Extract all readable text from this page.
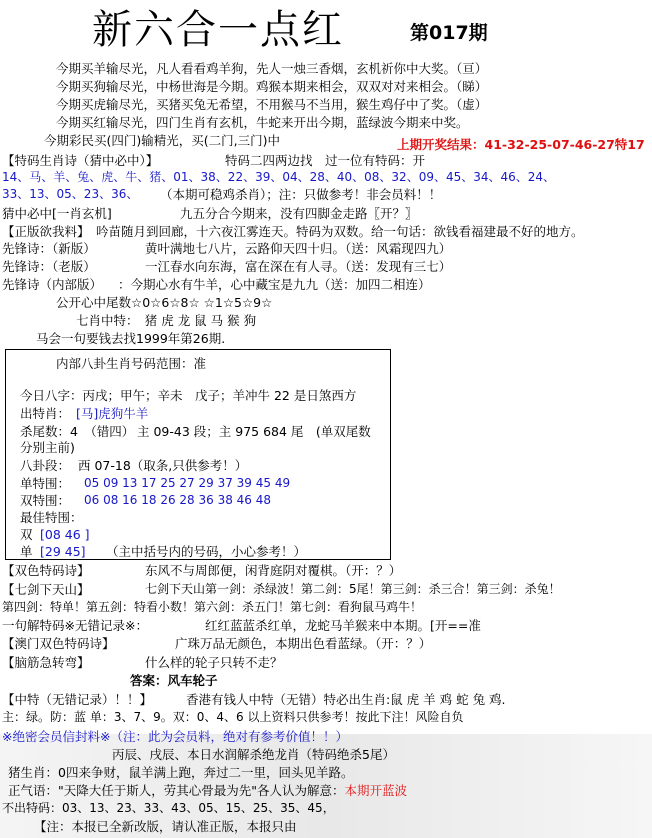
新六合一点红	第017期
今期买羊输尽光，凡人看看鸡羊狗，先人一烛三香烟，玄机祈你中大奖。（亘）
今期买狗输尽光，中杨世海是今期。鸡猴本期来相会，双双对对来相会。（睇）
今期买虎输尽光，买猪买兔无希望，不用猴马不当用，猴生鸡仔中了奖。（虚）
今期买红输尽光，四门生肖有玄机，牛蛇来开出今期，蓝绿波今期来中奖。
今期彩民买(四门)输精光，买(二门,三门)中	上期开奖结果：41-32-25-07-46-27特17
【特码生肖诗（猜中必中）】	特码二四两边找　过一位有特码：开
14、马、羊、兔、虎、牛、猪、01、38、22、39、04、28、40、08、32、09、45、34、46、24、
33、13、05、23、36、 （本期可稳鸡杀肖）；注：只做参考！非会员料！！
猜中必中[一肖玄机]	九五分合今期来，没有四脚金走路〖开？〗
【正版欲我料】 吟苗随月到回廊，十六夜江雾连天。特码为双数。给一句话：欲钱看福建最不好的地方。
先锋诗：（新版）	黄叶满地七八片，云路仰天四十归。（送：风霜现四九）
先锋诗：（老版）	一江春水向东海，富在深在有人寻。（送：发现有三七）
先锋诗（内部版） ：今期心水有牛羊，心中藏宝是九九（送：加四二相连）
公开心中尾数☆0☆6☆8☆ ☆1☆5☆9☆
七肖中特：　猪 虎 龙 鼠 马 猴 狗
马会一句要钱去找1999年第26期.
内部八卦生肖号码范围：准
今日八字：丙戌；甲午；辛未　戊子；羊冲牛 22 是日煞西方
出特肖： [马]虎狗牛羊
杀尾数：4　（错四） 主 09-43 段；主 975 684 尾　(单双尾数
分别主前)
八卦段： 西 07-18（取条,只供参考！）
单特围： 05 09 13 17 25 27 29 37 39 45 49
双特围： 06 08 16 18 26 28 36 38 46 48
最佳特围：
双 [08 46 ]
单 [29 45] （主中括号内的号码，小心参考！）
【双色特码诗】	东风不与周郎便，闲背庭阴对覆棋。（开：？）
【七剑下天山】	七剑下天山第一剑：杀绿波！第二剑：5尾！第三剑：杀三合！第三剑：杀兔！
第四剑：特单！第五剑：特看小数！第六剑：杀五门！第七剑：看狗鼠马鸡牛！
一句解特码※无错记录※：	红红蓝蓝杀红单，龙蛇马羊猴来中本期。[开==准
【澳门双色特码诗】	广珠万品无颜色，本期出色看蓝绿。（开：？）
【脑筋急转弯】	什么样的轮子只转不走？
答案：风车轮子
【中特（无错记录）！！】	香港有钱人中特（无错）特必出生肖:鼠 虎 羊 鸡 蛇 兔 鸡.
主：绿。防：蓝 单：3、7、9。双：0、4、6 以上资料只供参考！按此下注！风险自负
※绝密会员信封料※（注：此为会员料，绝对有参考价值！！）
丙辰、戌辰、本日水润解杀绝龙肖（特码绝杀5尾）
猪生肖：0四来争财，鼠羊满上跑，奔过二一里，回头见羊路。
正气语："天降大任于斯人，劳其心骨最为先"各人认为解意：本期开蓝波
不出特码：03、13、23、33、43、05、15、25、35、45，
【注：本报已全新改版，请认准正版，本报只由
